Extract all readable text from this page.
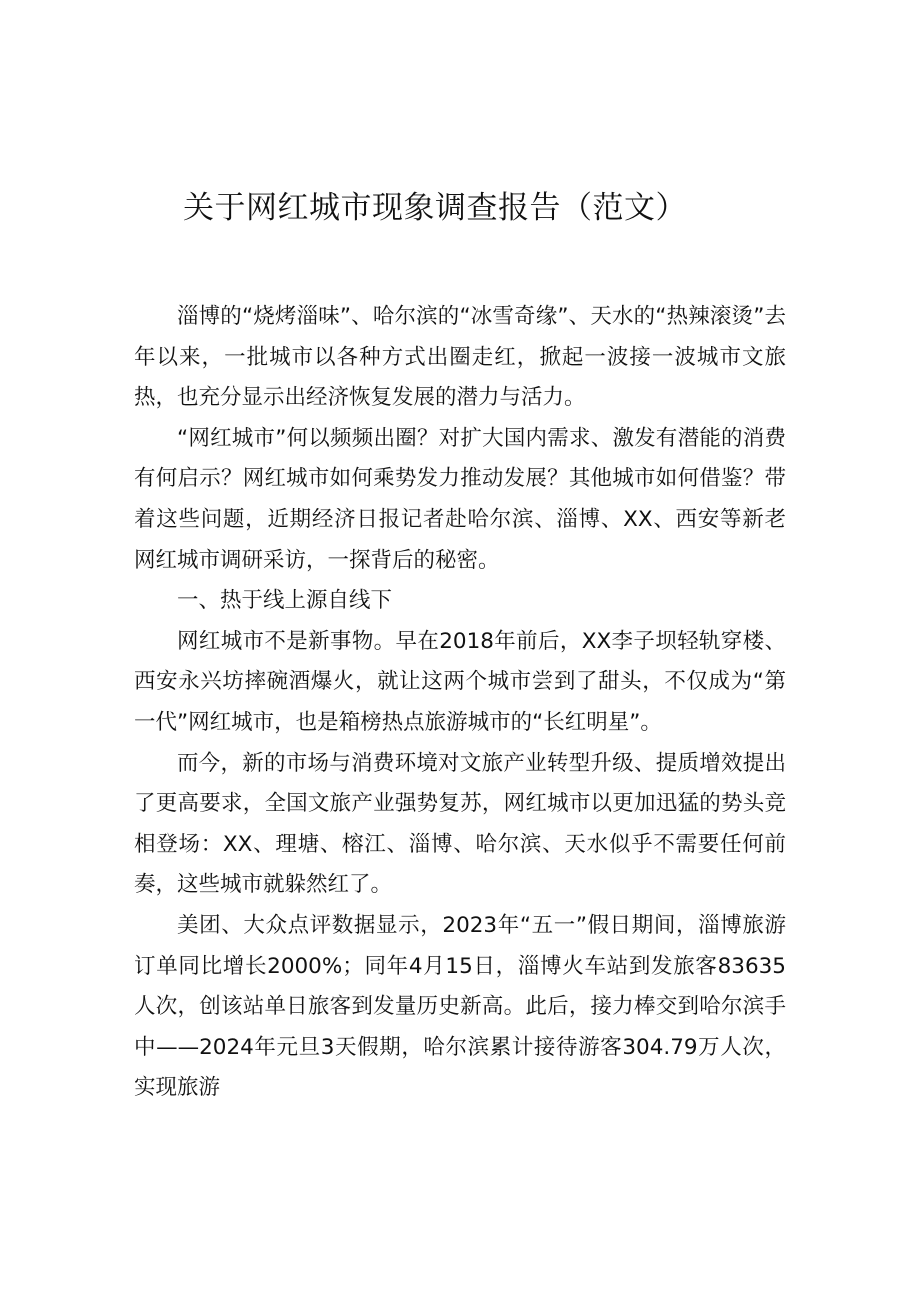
关于网红城市现象调查报告（范文）

淄博的“烧烤淄味”、哈尔滨的“冰雪奇缘”、天水的“热辣滚烫”去年以来，一批城市以各种方式出圈走红，掀起一波接一波城市文旅热，也充分显示出经济恢复发展的潜力与活力。

“网红城市”何以频频出圈？对扩大国内需求、激发有潜能的消费有何启示？网红城市如何乘势发力推动发展？其他城市如何借鉴？带着这些问题，近期经济日报记者赴哈尔滨、淄博、XX、西安等新老网红城市调研采访，一探背后的秘密。

一、热于线上源自线下

网红城市不是新事物。早在2018年前后，XX李子坝轻轨穿楼、西安永兴坊摔碗酒爆火，就让这两个城市尝到了甜头，不仅成为“第一代”网红城市，也是箱榜热点旅游城市的“长红明星”。

而今，新的市场与消费环境对文旅产业转型升级、提质增效提出了更高要求，全国文旅产业强势复苏，网红城市以更加迅猛的势头竞相登场：XX、理塘、榕江、淄博、哈尔滨、天水似乎不需要任何前奏，这些城市就躲然红了。

美团、大众点评数据显示，2023年“五一”假日期间，淄博旅游订单同比增长2000%；同年4月15日，淄博火车站到发旅客83635人次，创该站单日旅客到发量历史新高。此后，接力棒交到哈尔滨手中——2024年元旦3天假期，哈尔滨累计接待游客304.79万人次，实现旅游
